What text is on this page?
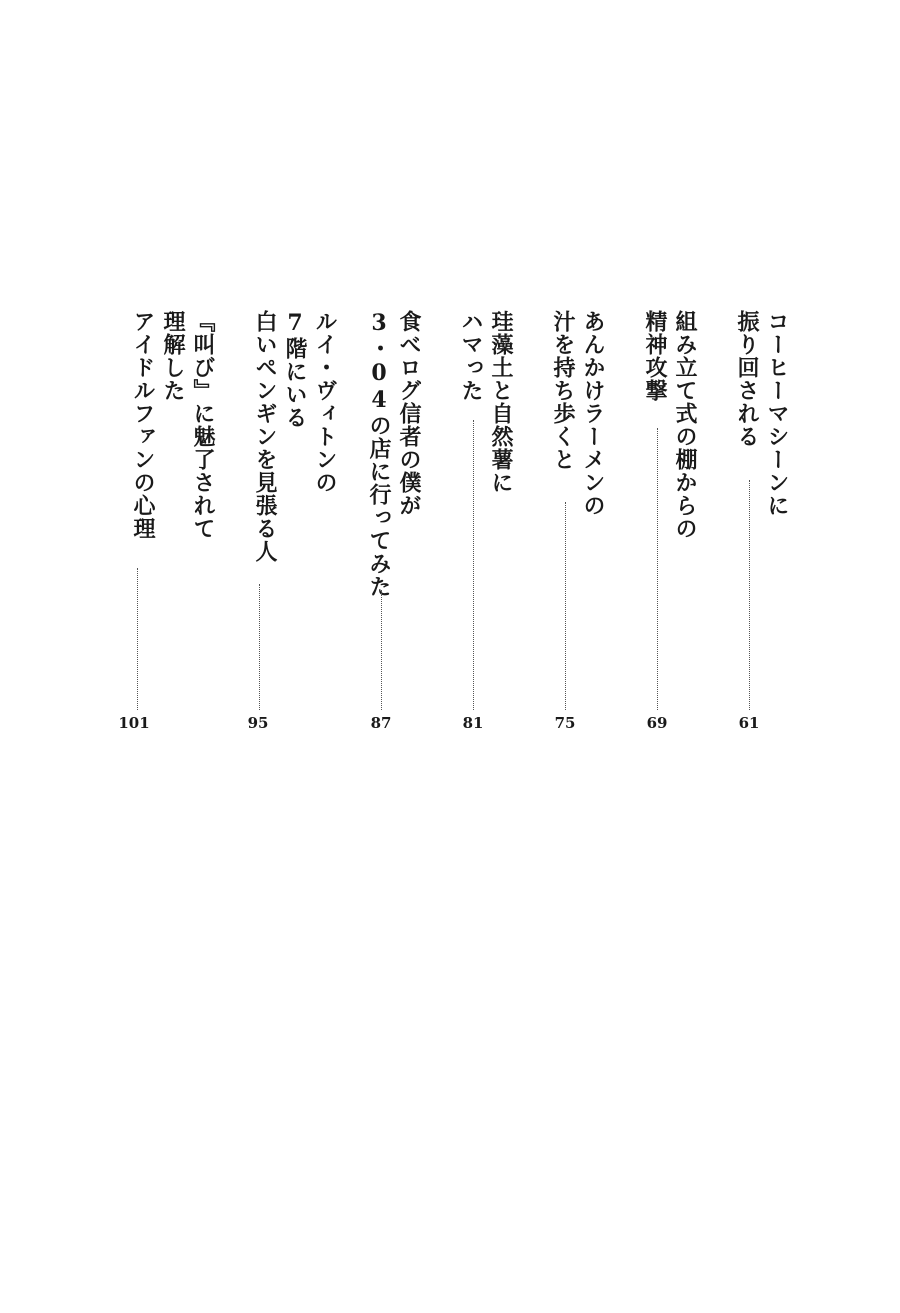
コーヒーマシーンに
振り回される
61
組み立て式の棚からの
精神攻撃
69
あんかけラーメンの
汁を持ち歩くと
75
珪藻土と自然薯に
ハマった
81
食べログ信者の僕が
3・04の店に行ってみた
87
ルイ・ヴィトンの
7階にいる
白いペンギンを見張る人
95
『叫び』に魅了されて
理解した
アイドルファンの心理
101
